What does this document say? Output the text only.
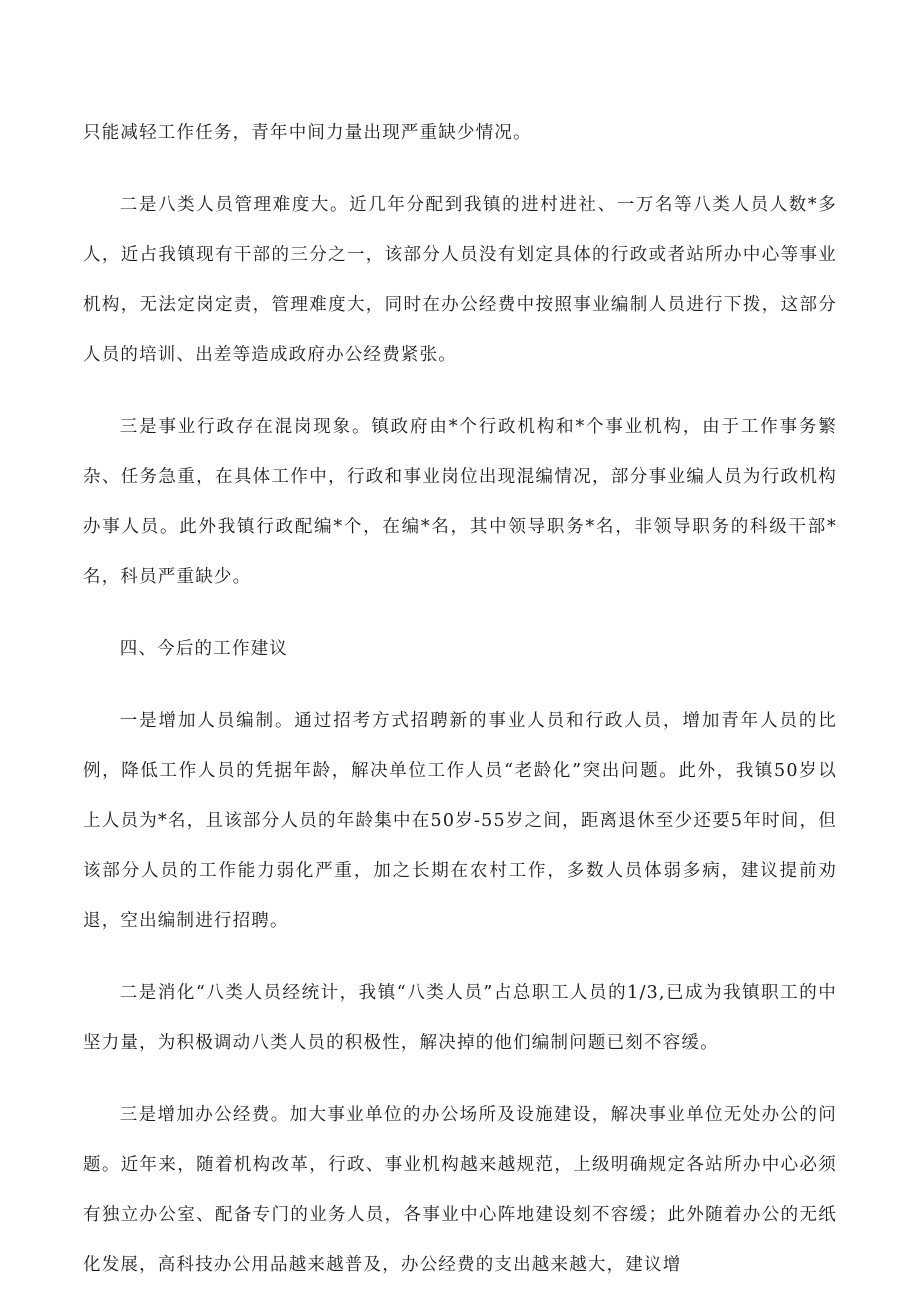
只能减轻工作任务，青年中间力量出现严重缺少情况。

二是八类人员管理难度大。近几年分配到我镇的进村进社、一万名等八类人员人数*多人，近占我镇现有干部的三分之一，该部分人员没有划定具体的行政或者站所办中心等事业机构，无法定岗定责，管理难度大，同时在办公经费中按照事业编制人员进行下拨，这部分人员的培训、出差等造成政府办公经费紧张。

三是事业行政存在混岗现象。镇政府由*个行政机构和*个事业机构，由于工作事务繁杂、任务急重，在具体工作中，行政和事业岗位出现混编情况，部分事业编人员为行政机构办事人员。此外我镇行政配编*个，在编*名，其中领导职务*名，非领导职务的科级干部*名，科员严重缺少。

四、今后的工作建议

一是增加人员编制。通过招考方式招聘新的事业人员和行政人员，增加青年人员的比例，降低工作人员的凭据年龄，解决单位工作人员“老龄化”突出问题。此外，我镇50岁以上人员为*名，且该部分人员的年龄集中在50岁-55岁之间，距离退休至少还要5年时间，但该部分人员的工作能力弱化严重，加之长期在农村工作，多数人员体弱多病，建议提前劝退，空出编制进行招聘。

二是消化“八类人员经统计，我镇“八类人员”占总职工人员的1/3,已成为我镇职工的中坚力量，为积极调动八类人员的积极性，解决掉的他们编制问题已刻不容缓。

三是增加办公经费。加大事业单位的办公场所及设施建设，解决事业单位无处办公的问题。近年来，随着机构改革，行政、事业机构越来越规范，上级明确规定各站所办中心必须有独立办公室、配备专门的业务人员，各事业中心阵地建设刻不容缓；此外随着办公的无纸化发展，高科技办公用品越来越普及，办公经费的支出越来越大，建议增
